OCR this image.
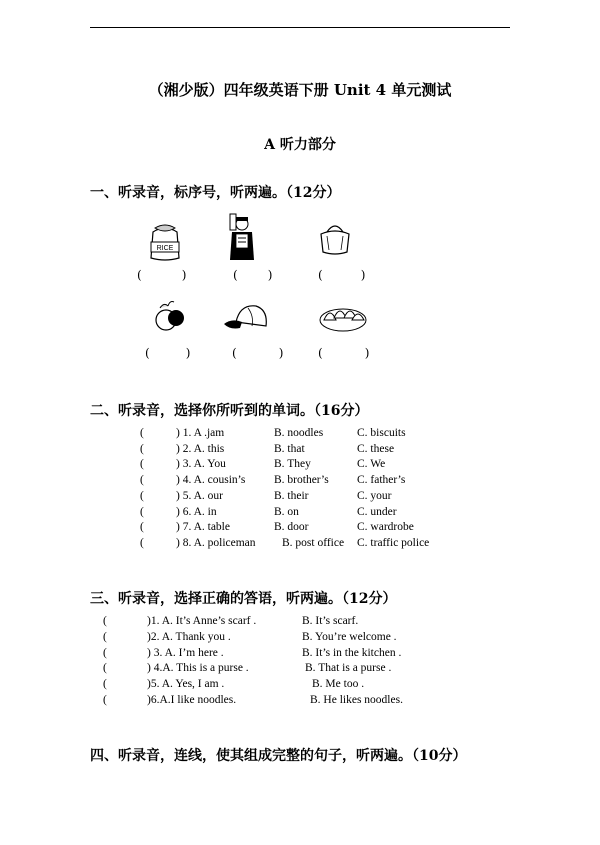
（湘少版）四年级英语下册 Unit 4 单元测试
A 听力部分
一、听录音，标序号，听两遍。（12分）
RICE
(	)	(	)	(	)
(	)	(	)	(	)
二、听录音，选择你所听到的单词。（16分）
(	) 1. A .jam	B. noodles	C. biscuits
(	) 2. A. this	B. that	C. these
(	) 3. A. You	B. They	C. We
(	) 4. A. cousin’s B. brother’s C. father’s
(	) 5. A. our	B. their	C. your
(	) 6. A. in	B. on	C. under
(	) 7. A. table	B. door	C. wardrobe
(	) 8. A. policeman B. post office C. traffic police
三、听录音，选择正确的答语，听两遍。（12分）
(	)1. A. It’s Anne’s scarf .	B. It’s scarf.
(	)2. A. Thank you .	B. You’re welcome .
(	) 3. A. I’m here .	B. It’s in the kitchen .
(	) 4.A. This is a purse .	B. That is a purse .
(	)5. A. Yes, I am .	B. Me too .
(	)6.A.I like noodles.	B. He likes noodles.
四、听录音，连线，使其组成完整的句子，听两遍。（10分）
